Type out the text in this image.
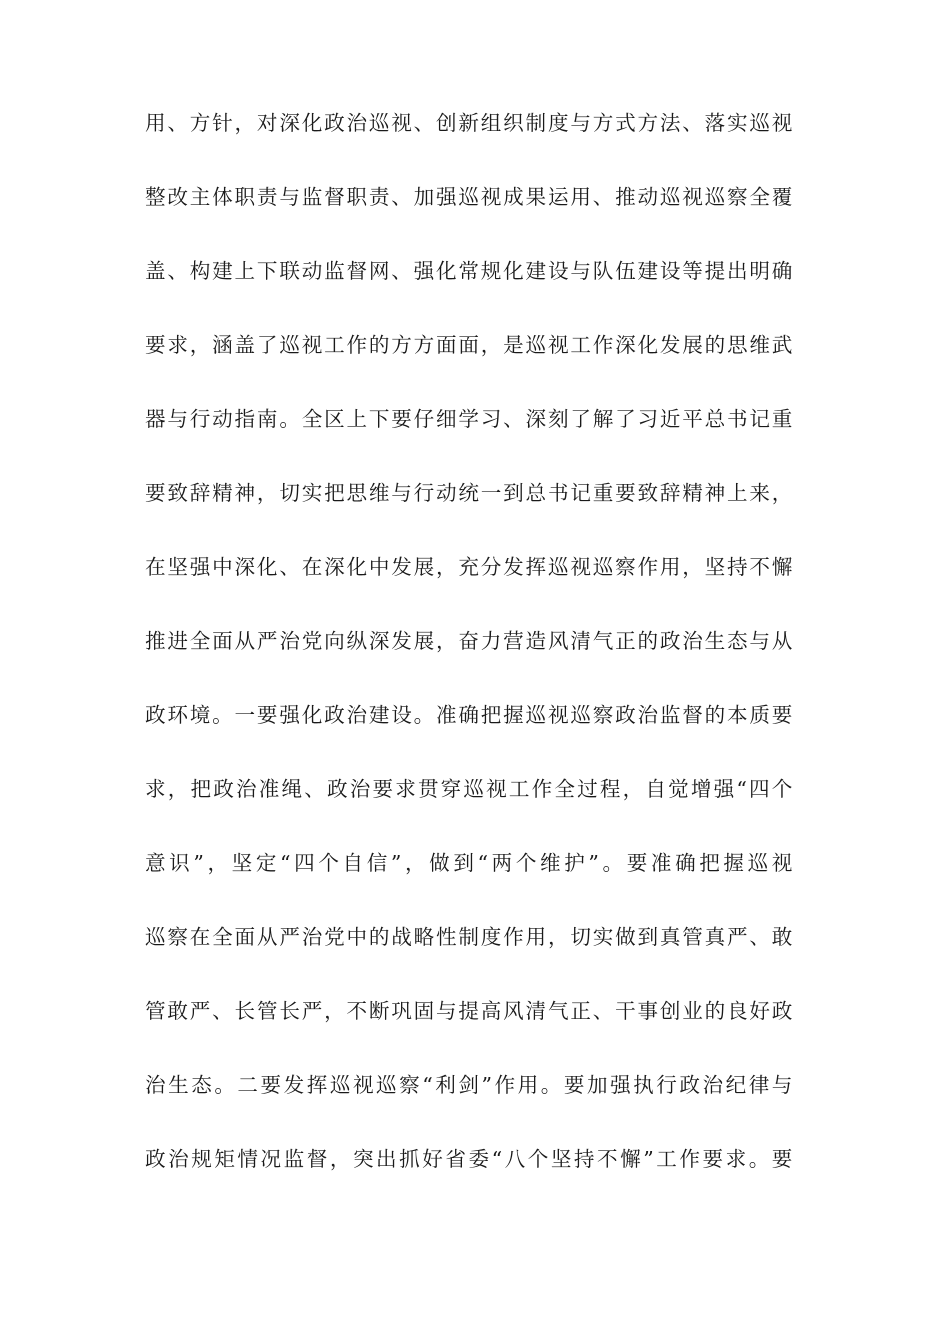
用、方针，对深化政治巡视、创新组织制度与方式方法、落实巡视
整改主体职责与监督职责、加强巡视成果运用、推动巡视巡察全覆
盖、构建上下联动监督网、强化常规化建设与队伍建设等提出明确
要求，涵盖了巡视工作的方方面面，是巡视工作深化发展的思维武
器与行动指南。全区上下要仔细学习、深刻了解了习近平总书记重
要致辞精神，切实把思维与行动统一到总书记重要致辞精神上来，
在坚强中深化、在深化中发展，充分发挥巡视巡察作用，坚持不懈
推进全面从严治党向纵深发展，奋力营造风清气正的政治生态与从
政环境。一要强化政治建设。准确把握巡视巡察政治监督的本质要
求，把政治准绳、政治要求贯穿巡视工作全过程，自觉增强“四个
意识”，坚定“四个自信”，做到“两个维护”。要准确把握巡视
巡察在全面从严治党中的战略性制度作用，切实做到真管真严、敢
管敢严、长管长严，不断巩固与提高风清气正、干事创业的良好政
治生态。二要发挥巡视巡察“利剑”作用。要加强执行政治纪律与
政治规矩情况监督，突出抓好省委“八个坚持不懈”工作要求。要
